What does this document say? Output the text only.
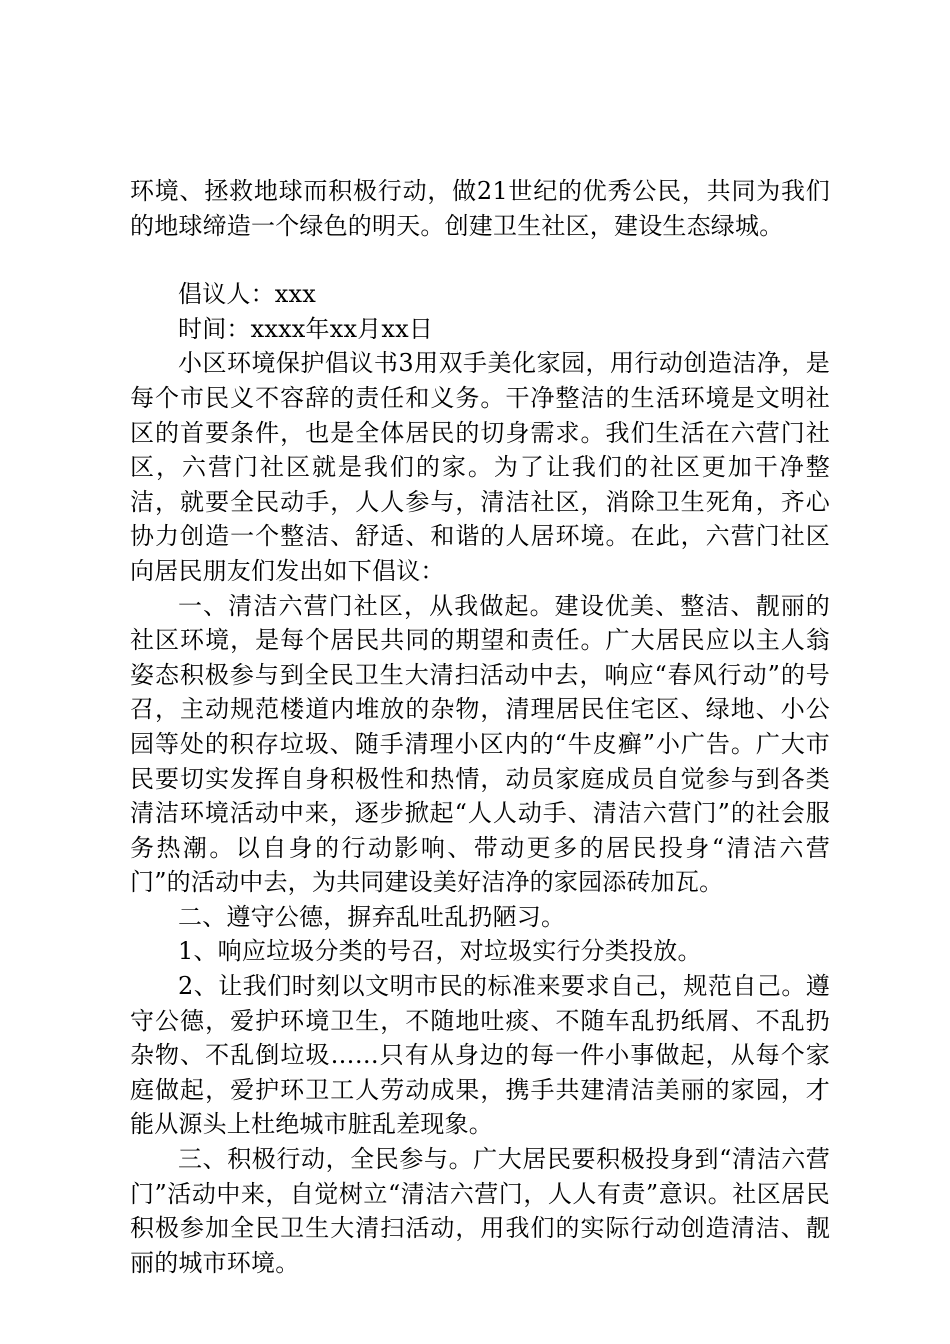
环境、拯救地球而积极行动，做21世纪的优秀公民，共同为我们的地球缔造一个绿色的明天。创建卫生社区，建设生态绿城。

倡议人：xxx

时间：xxxx年xx月xx日

小区环境保护倡议书3用双手美化家园，用行动创造洁净，是每个市民义不容辞的责任和义务。干净整洁的生活环境是文明社区的首要条件，也是全体居民的切身需求。我们生活在六营门社区，六营门社区就是我们的家。为了让我们的社区更加干净整洁，就要全民动手，人人参与，清洁社区，消除卫生死角，齐心协力创造一个整洁、舒适、和谐的人居环境。在此，六营门社区向居民朋友们发出如下倡议：

一、清洁六营门社区，从我做起。建设优美、整洁、靓丽的社区环境，是每个居民共同的期望和责任。广大居民应以主人翁姿态积极参与到全民卫生大清扫活动中去，响应“春风行动”的号召，主动规范楼道内堆放的杂物，清理居民住宅区、绿地、小公园等处的积存垃圾、随手清理小区内的“牛皮癣”小广告。广大市民要切实发挥自身积极性和热情，动员家庭成员自觉参与到各类清洁环境活动中来，逐步掀起“人人动手、清洁六营门”的社会服务热潮。以自身的行动影响、带动更多的居民投身“清洁六营门”的活动中去，为共同建设美好洁净的家园添砖加瓦。

二、遵守公德，摒弃乱吐乱扔陋习。

1、响应垃圾分类的号召，对垃圾实行分类投放。

2、让我们时刻以文明市民的标准来要求自己，规范自己。遵守公德，爱护环境卫生，不随地吐痰、不随车乱扔纸屑、不乱扔杂物、不乱倒垃圾……只有从身边的每一件小事做起，从每个家庭做起，爱护环卫工人劳动成果，携手共建清洁美丽的家园，才能从源头上杜绝城市脏乱差现象。

三、积极行动，全民参与。广大居民要积极投身到“清洁六营门”活动中来，自觉树立“清洁六营门，人人有责”意识。社区居民积极参加全民卫生大清扫活动，用我们的实际行动创造清洁、靓丽的城市环境。
